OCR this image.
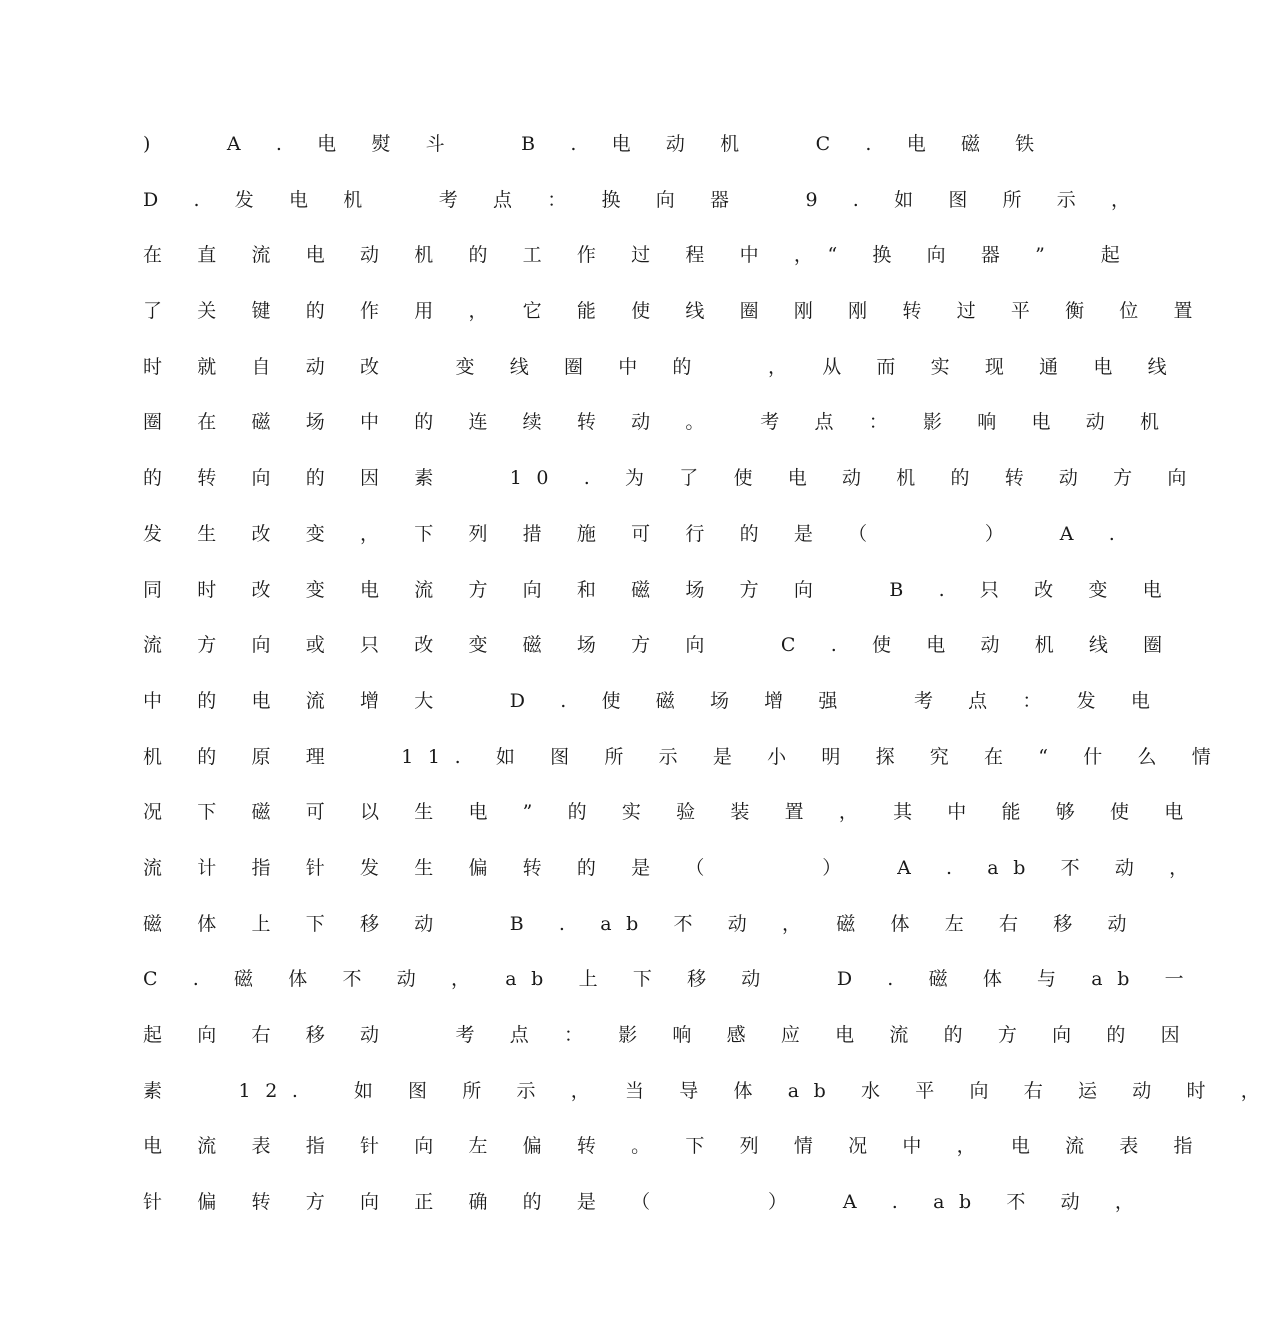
)   A . 电 熨 斗   B . 电 动 机   C . 电 磁 铁
D . 发 电 机   考 点 ： 换 向 器   9 . 如 图 所 示 ，
在 直 流 电 动 机 的 工 作 过 程 中 ，“ 换 向 器 ”  起
了 关 键 的 作 用 ， 它 能 使 线 圈 刚 刚 转 过 平 衡 位 置
时 就 自 动 改   变 线 圈 中 的   ， 从 而 实 现 通 电 线
圈 在 磁 场 中 的 连 续 转 动 。  考 点 ： 影 响 电 动 机
的 转 向 的 因 素   10 . 为 了 使 电 动 机 的 转 动 方 向
发 生 改 变 ， 下 列 措 施 可 行 的 是 （     ）  A .
同 时 改 变 电 流 方 向 和 磁 场 方 向   B . 只 改 变 电
流 方 向 或 只 改 变 磁 场 方 向   C . 使 电 动 机 线 圈
中 的 电 流 增 大   D . 使 磁 场 增 强   考 点 ： 发 电
机 的 原 理   11. 如 图 所 示 是 小 明 探 究 在 “ 什 么 情
况 下 磁 可 以 生 电 ” 的 实 验 装 置 ， 其 中 能 够 使 电
流 计 指 针 发 生 偏 转 的 是 （     ）  A . ab 不 动 ，
磁 体 上 下 移 动   B . ab 不 动 ， 磁 体 左 右 移 动
C . 磁 体 不 动 ， ab 上 下 移 动   D . 磁 体 与 ab 一
起 向 右 移 动   考 点 ： 影 响 感 应 电 流 的 方 向 的 因
素   12.  如 图 所 示 ， 当 导 体 ab 水 平 向 右 运 动 时 ，
电 流 表 指 针 向 左 偏 转 。 下 列 情 况 中 ， 电 流 表 指
针 偏 转 方 向 正 确 的 是 （     ）  A . ab 不 动 ，
